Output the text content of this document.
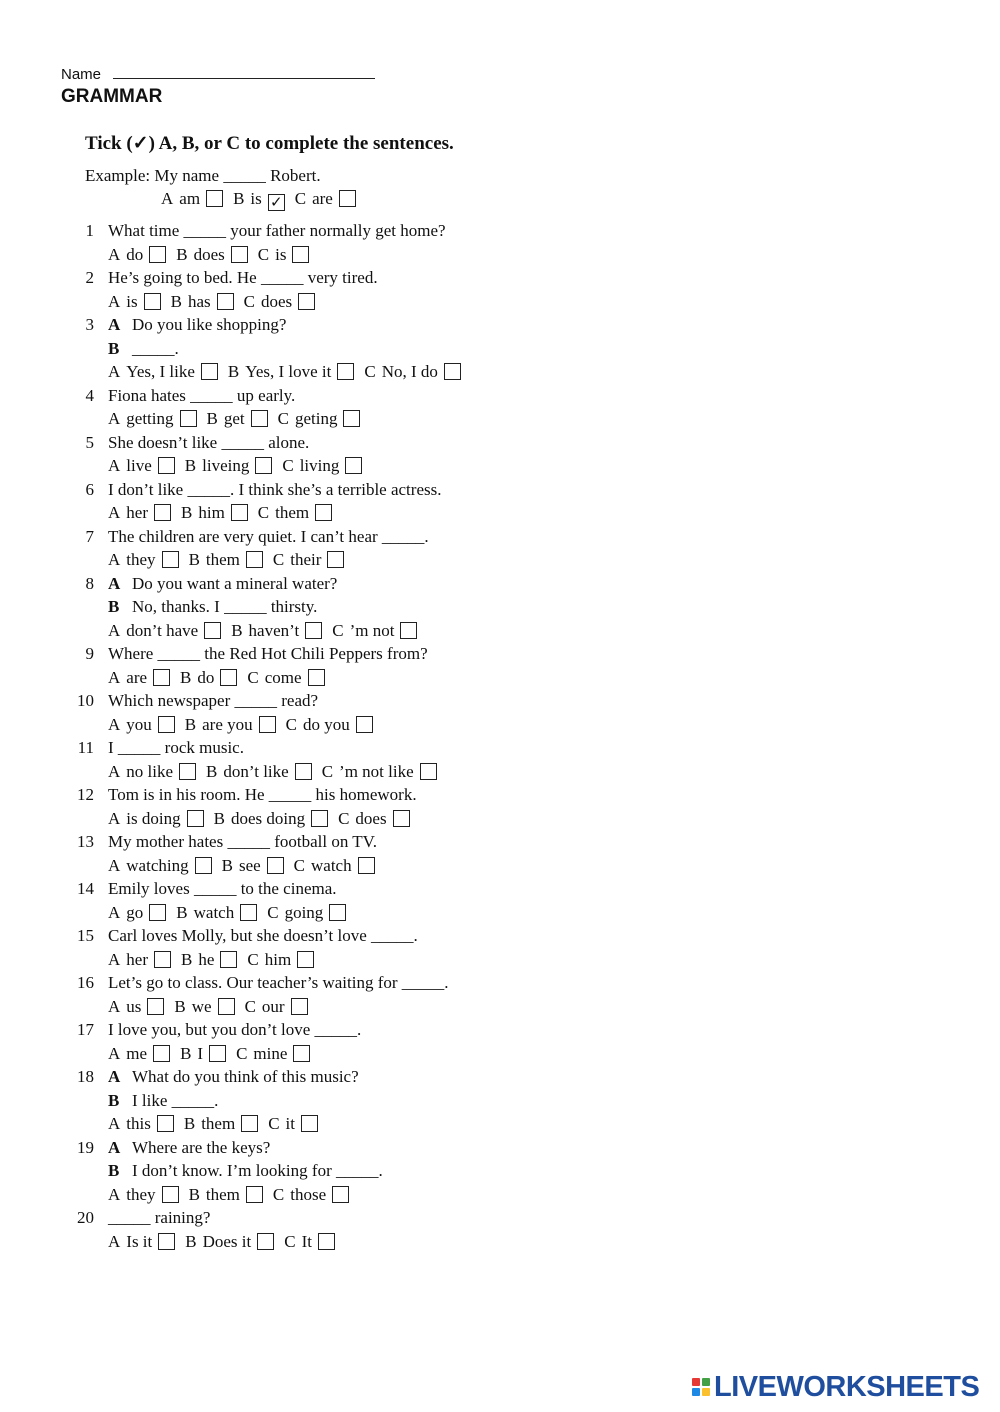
Name
GRAMMAR
Tick (✓) A, B, or C to complete the sentences.
Example: My name _____ Robert.
A am B is ✓ C are
1 What time _____ your father normally get home?
A do B does C is
2 He’s going to bed. He _____ very tired.
A is B has C does
3 A Do you like shopping?
B _____.
A Yes, I like B Yes, I love it C No, I do
4 Fiona hates _____ up early.
A getting B get C geting
5 She doesn’t like _____ alone.
A live B liveing C living
6 I don’t like _____. I think she’s a terrible actress.
A her B him C them
7 The children are very quiet. I can’t hear _____.
A they B them C their
8 A Do you want a mineral water?
B No, thanks. I _____ thirsty.
A don’t have B haven’t C ’m not
9 Where _____ the Red Hot Chili Peppers from?
A are B do C come
10 Which newspaper _____ read?
A you B are you C do you
11 I _____ rock music.
A no like B don’t like C ’m not like
12 Tom is in his room. He _____ his homework.
A is doing B does doing C does
13 My mother hates _____ football on TV.
A watching B see C watch
14 Emily loves _____ to the cinema.
A go B watch C going
15 Carl loves Molly, but she doesn’t love _____.
A her B he C him
16 Let’s go to class. Our teacher’s waiting for _____.
A us B we C our
17 I love you, but you don’t love _____.
A me B I C mine
18 A What do you think of this music?
B I like _____.
A this B them C it
19 A Where are the keys?
B I don’t know. I’m looking for _____.
A they B them C those
20 _____ raining?
A Is it B Does it C It
LIVEWORKSHEETS
